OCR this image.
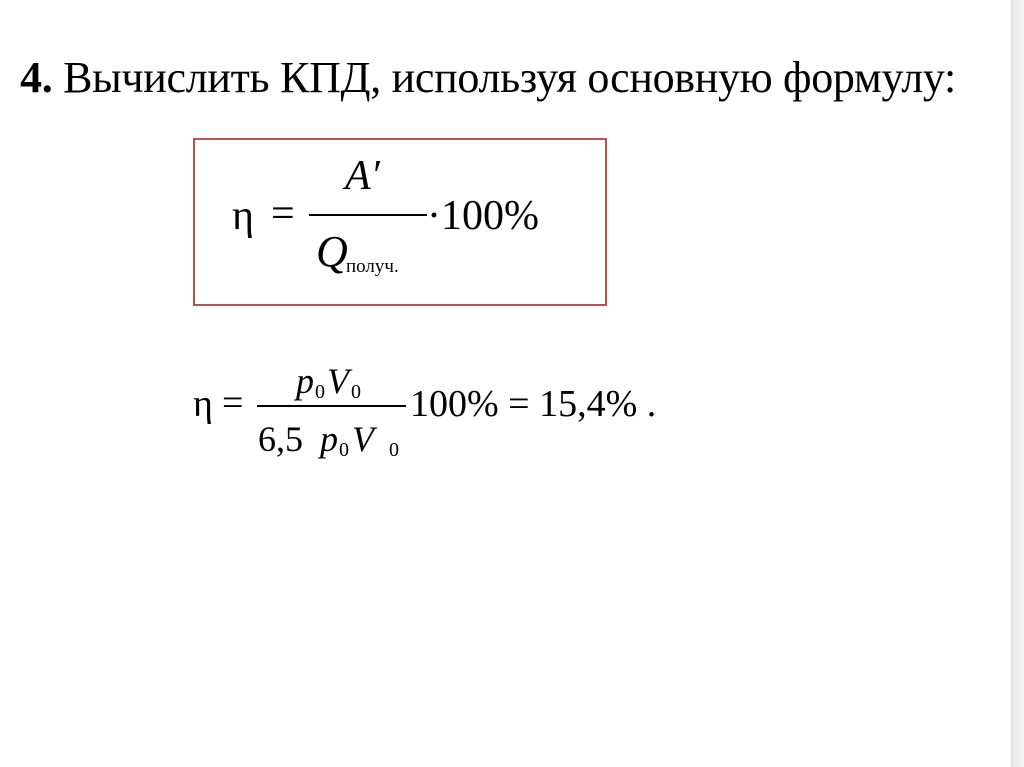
4. Вычислить КПД, используя основную формулу:
η =
A′
Q
получ.
·100%
η =
p 0 V 0
6,5 p 0 V 0
100% = 15,4% .
